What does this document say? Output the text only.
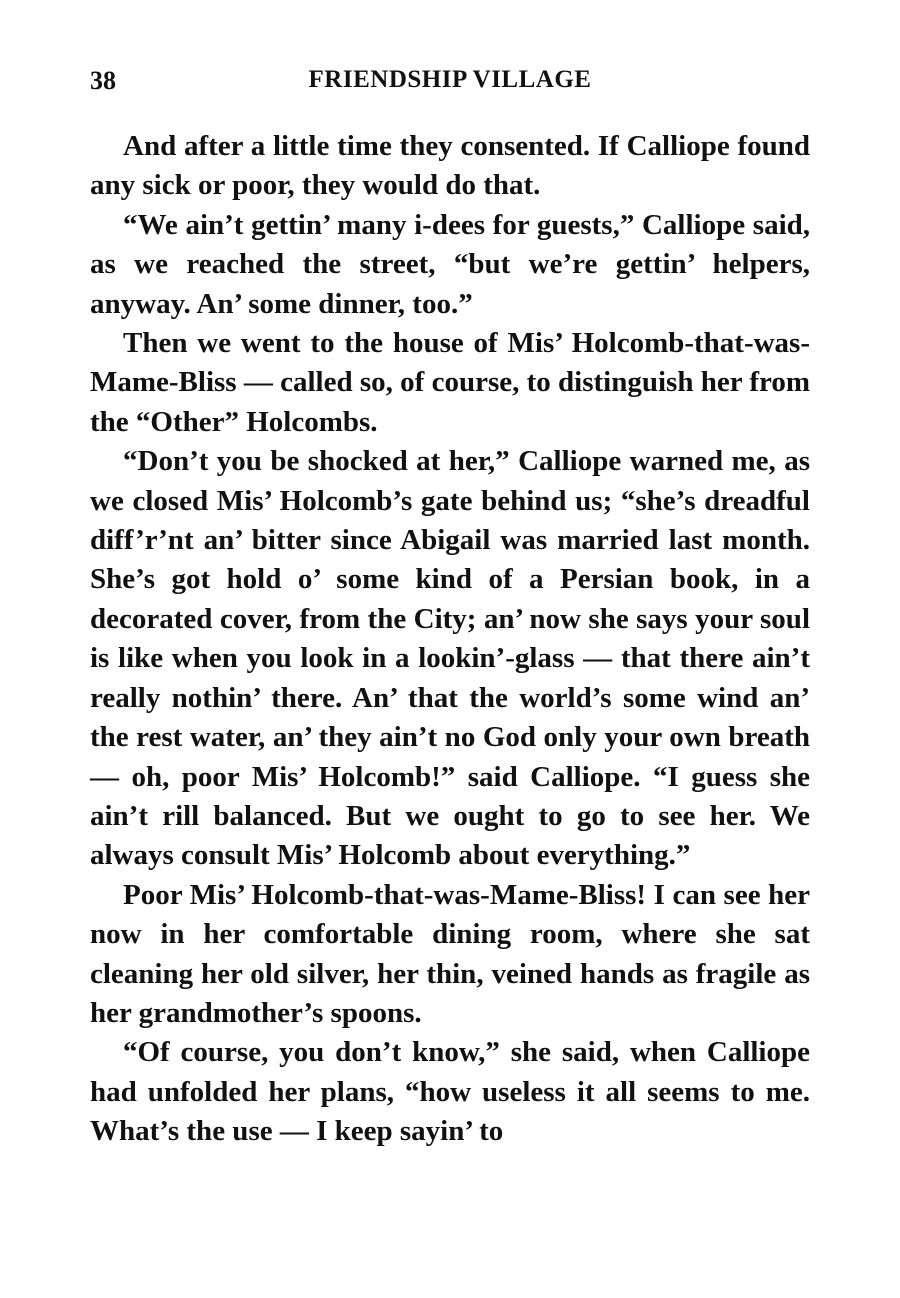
38	FRIENDSHIP VILLAGE

And after a little time they consented. If Calliope found any sick or poor, they would do that.

“We ain’t gettin’ many i-dees for guests,” Calliope said, as we reached the street, “but we’re gettin’ helpers, anyway. An’ some dinner, too.”

Then we went to the house of Mis’ Holcomb-that-was-Mame-Bliss — called so, of course, to distinguish her from the “Other” Holcombs.

“Don’t you be shocked at her,” Calliope warned me, as we closed Mis’ Holcomb’s gate behind us; “she’s dreadful diff’r’nt an’ bitter since Abigail was married last month. She’s got hold o’ some kind of a Persian book, in a decorated cover, from the City; an’ now she says your soul is like when you look in a lookin’-glass — that there ain’t really nothin’ there. An’ that the world’s some wind an’ the rest water, an’ they ain’t no God only your own breath — oh, poor Mis’ Holcomb!” said Calliope. “I guess she ain’t rill balanced. But we ought to go to see her. We always consult Mis’ Holcomb about everything.”

Poor Mis’ Holcomb-that-was-Mame-Bliss! I can see her now in her comfortable dining room, where she sat cleaning her old silver, her thin, veined hands as fragile as her grandmother’s spoons.

“Of course, you don’t know,” she said, when Calliope had unfolded her plans, “how useless it all seems to me. What’s the use — I keep sayin’ to
